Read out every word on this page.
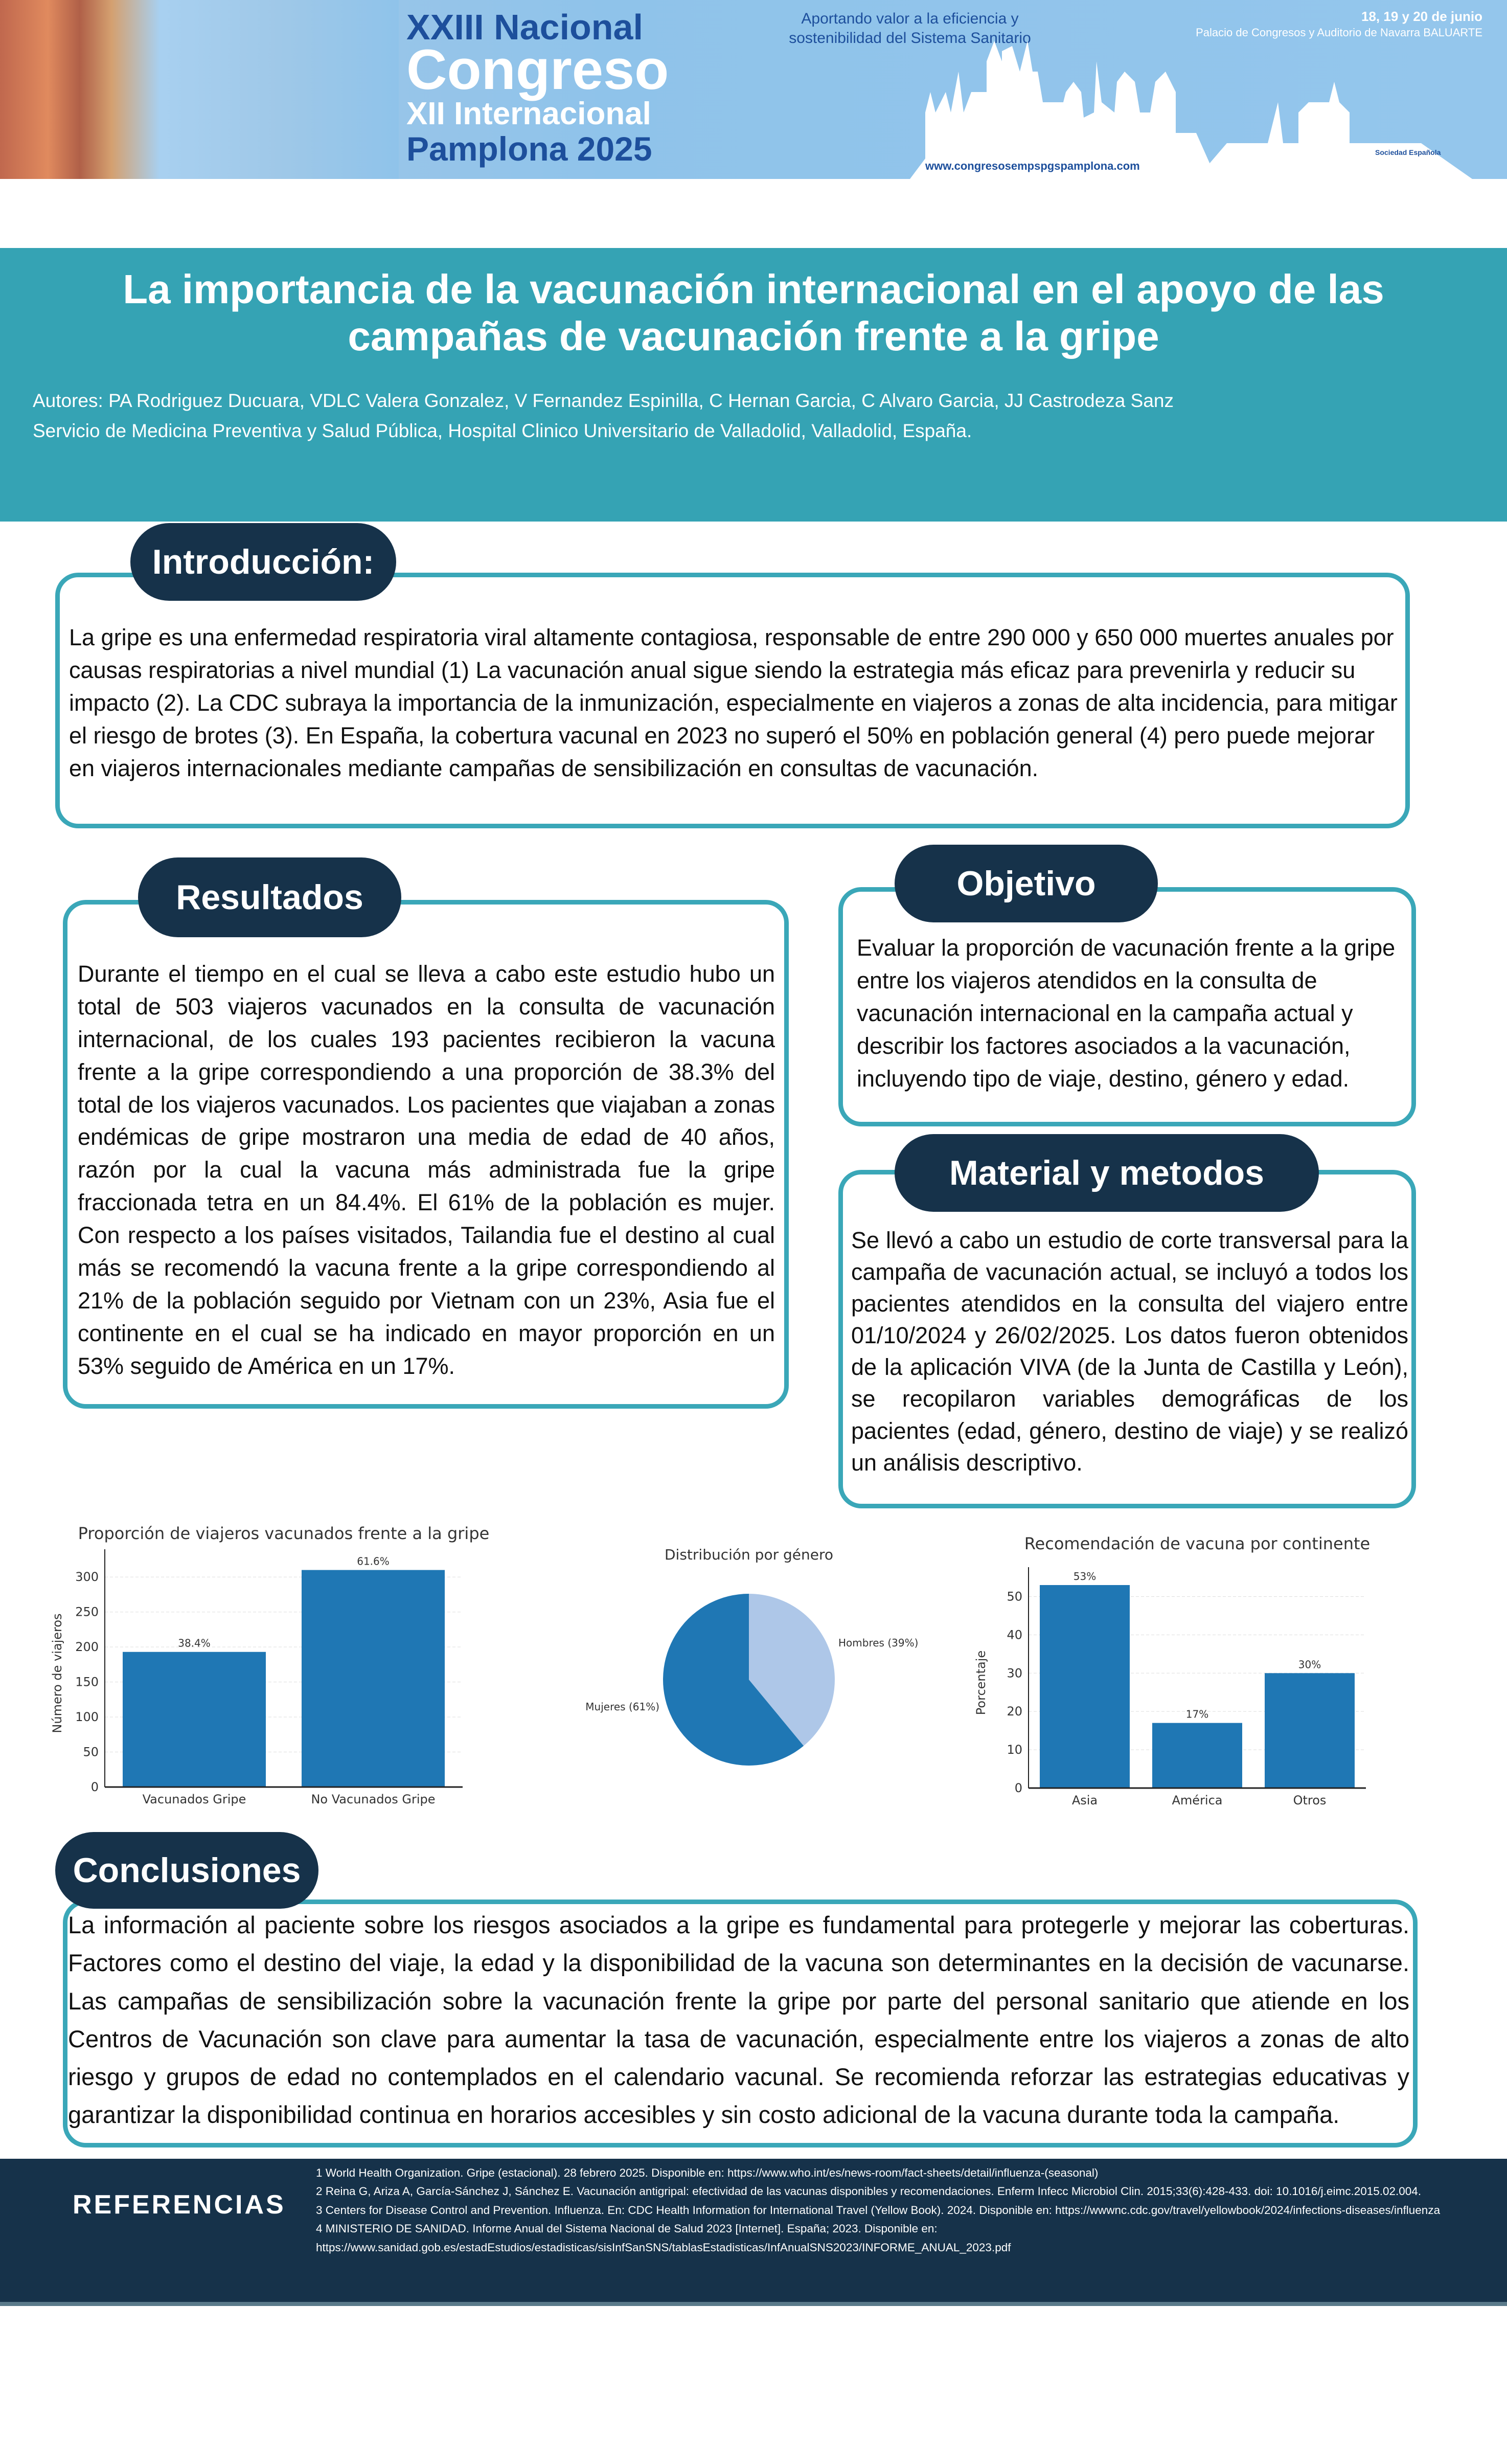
XXIII Nacional
Congreso
XII Internacional
Pamplona 2025
Aportando valor a la eficiencia y sostenibilidad del Sistema Sanitario
18, 19 y 20 de junio
Palacio de Congresos y Auditorio de Navarra BALUARTE
www.congresosempspgspamplona.com
Sociedad Española
La importancia de la vacunación internacional en el apoyo de las campañas de vacunación frente a la gripe
Autores: PA Rodriguez Ducuara, VDLC Valera Gonzalez, V Fernandez Espinilla, C Hernan Garcia, C Alvaro Garcia, JJ Castrodeza Sanz
Servicio de Medicina Preventiva y Salud Pública, Hospital Clinico Universitario de Valladolid, Valladolid, España.
Introducción:
La gripe es una enfermedad respiratoria viral altamente contagiosa, responsable de entre 290 000 y 650 000 muertes anuales por causas respiratorias a nivel mundial (1) La vacunación anual sigue siendo la estrategia más eficaz para prevenirla y reducir su impacto (2). La CDC subraya la importancia de la inmunización, especialmente en viajeros a zonas de alta incidencia, para mitigar el riesgo de brotes (3). En España, la cobertura vacunal en 2023 no superó el 50% en población general (4) pero puede mejorar en viajeros internacionales mediante campañas de sensibilización en consultas de vacunación.
Resultados
Durante el tiempo en el cual se lleva a cabo este estudio hubo un total de 503 viajeros vacunados en la consulta de vacunación internacional, de los cuales 193 pacientes recibieron la vacuna frente a la gripe correspondiendo a una proporción de 38.3% del total de los viajeros vacunados. Los pacientes que viajaban a zonas endémicas de gripe mostraron una media de edad de 40 años, razón por la cual la vacuna más administrada fue la gripe fraccionada tetra en un 84.4%. El 61% de la población es mujer. Con respecto a los países visitados, Tailandia fue el destino al cual más se recomendó la vacuna frente a la gripe correspondiendo al 21% de la población seguido por Vietnam con un 23%, Asia fue el continente en el cual se ha indicado en mayor proporción en un 53% seguido de América en un 17%.
Objetivo
Evaluar la proporción de vacunación frente a la gripe entre los viajeros atendidos en la consulta de vacunación internacional en la campaña actual y describir los factores asociados a la vacunación, incluyendo tipo de viaje, destino, género y edad.
Material y metodos
Se llevó a cabo un estudio de corte transversal para la campaña de vacunación actual, se incluyó a todos los pacientes atendidos en la consulta del viajero entre 01/10/2024 y 26/02/2025. Los datos fueron obtenidos de la aplicación VIVA (de la Junta de Castilla y León), se recopilaron variables demográficas de los pacientes (edad, género, destino de viaje) y se realizó un análisis descriptivo.
Proporción de viajeros vacunados frente a la gripe
0
50
100
150
200
250
300
38.4%
Vacunados Gripe
61.6%
No Vacunados Gripe
Número de viajeros
Distribución por género
Hombres (39%)
Mujeres (61%)
Recomendación de vacuna por continente
0
10
20
30
40
50
53%
Asia
17%
América
30%
Otros
Porcentaje
Conclusiones
La información al paciente sobre los riesgos asociados a la gripe es fundamental para protegerle y mejorar las coberturas. Factores como el destino del viaje, la edad y la disponibilidad de la vacuna son determinantes en la decisión de vacunarse. Las campañas de sensibilización sobre la vacunación frente la gripe por parte del personal sanitario que atiende en los Centros de Vacunación son clave para aumentar la tasa de vacunación, especialmente entre los viajeros a zonas de alto riesgo y grupos de edad no contemplados en el calendario vacunal. Se recomienda reforzar las estrategias educativas y garantizar la disponibilidad continua en horarios accesibles y sin costo adicional de la vacuna durante toda la campaña.
REFERENCIAS
1 World Health Organization. Gripe (estacional). 28 febrero 2025. Disponible en: https://www.who.int/es/news-room/fact-sheets/detail/influenza-(seasonal)
2 Reina G, Ariza A, García-Sánchez J, Sánchez E. Vacunación antigripal: efectividad de las vacunas disponibles y recomendaciones. Enferm Infecc Microbiol Clin. 2015;33(6):428-433. doi: 10.1016/j.eimc.2015.02.004.
3 Centers for Disease Control and Prevention. Influenza. En: CDC Health Information for International Travel (Yellow Book). 2024. Disponible en: https://wwwnc.cdc.gov/travel/yellowbook/2024/infections-diseases/influenza
4 MINISTERIO DE SANIDAD. Informe Anual del Sistema Nacional de Salud 2023 [Internet]. España; 2023. Disponible en: https://www.sanidad.gob.es/estadEstudios/estadisticas/sisInfSanSNS/tablasEstadisticas/InfAnualSNS2023/INFORME_ANUAL_2023.pdf
